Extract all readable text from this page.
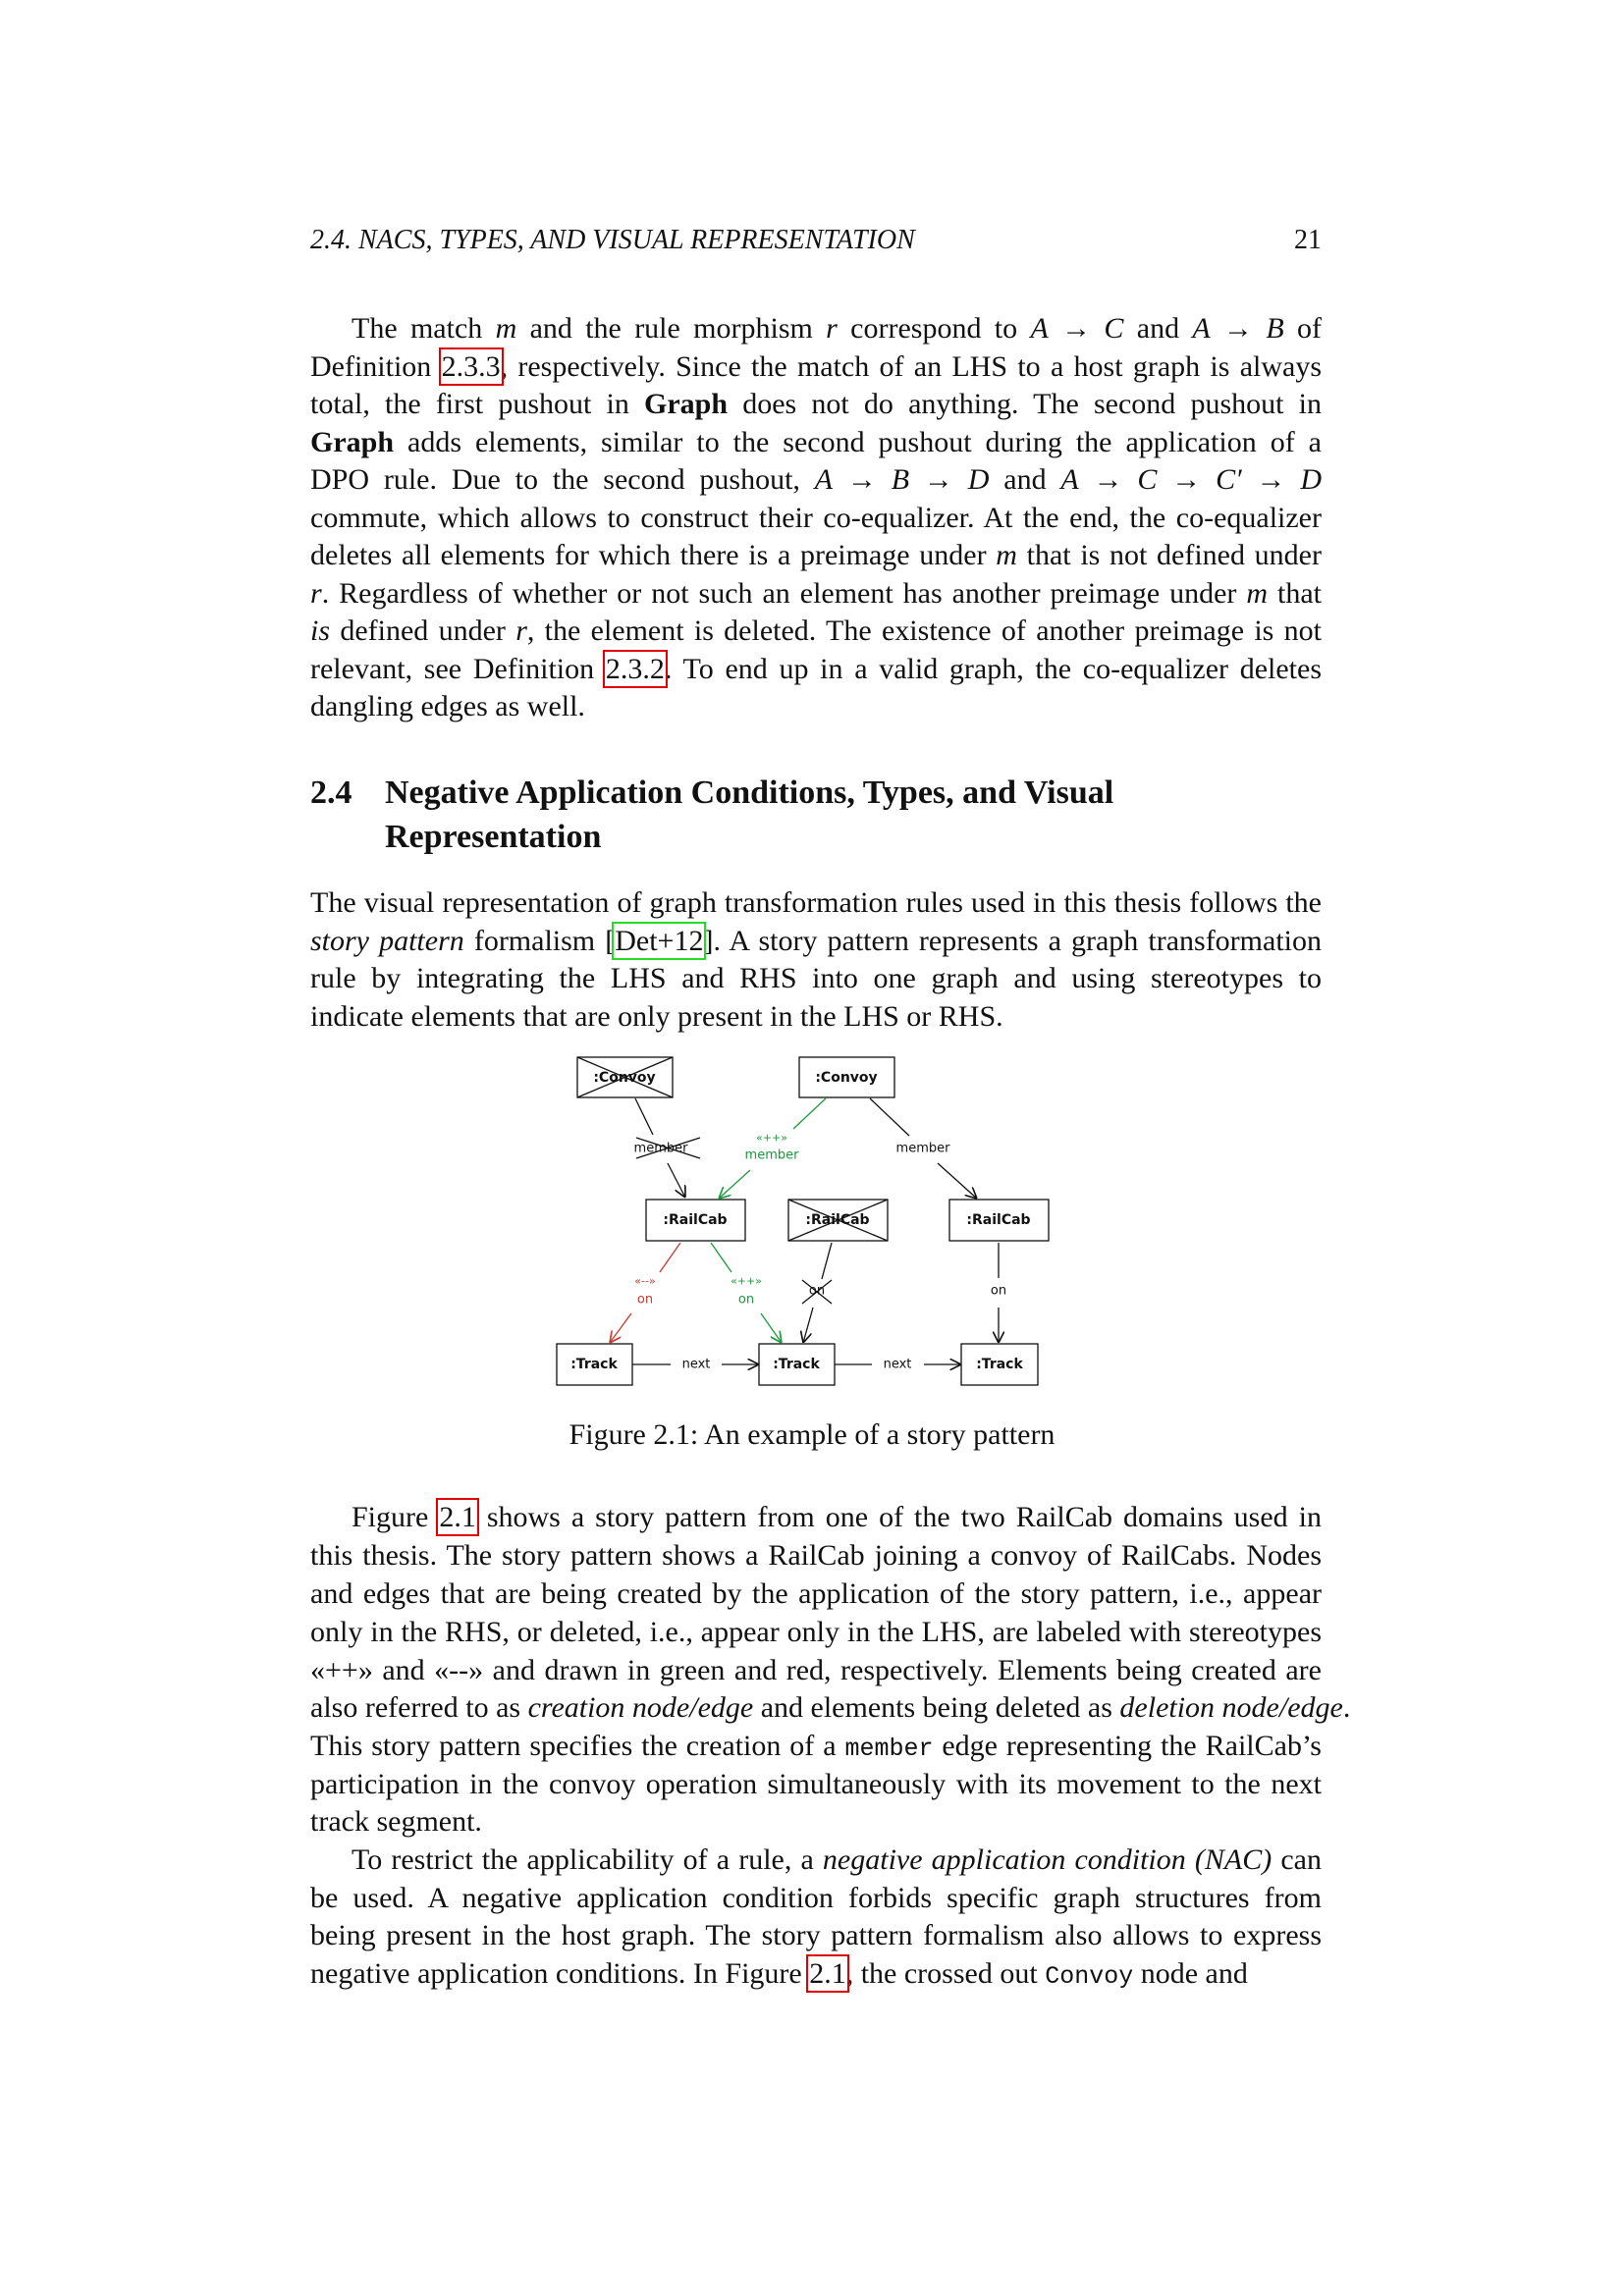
2.4. NACS, TYPES, AND VISUAL REPRESENTATION	21
2.4 Negative Application Conditions, Types, and Visual
Representation
The match m and the rule morphism r correspond to A → C and A → B of
Definition 2.3.3, respectively. Since the match of an LHS to a host graph is always
total, the first pushout in Graph does not do anything. The second pushout in
Graph adds elements, similar to the second pushout during the application of a
DPO rule. Due to the second pushout, A → B → D and A → C → C′ → D
commute, which allows to construct their co-equalizer. At the end, the co-equalizer
deletes all elements for which there is a preimage under m that is not defined under
r. Regardless of whether or not such an element has another preimage under m that
is defined under r, the element is deleted. The existence of another preimage is not
relevant, see Definition 2.3.2. To end up in a valid graph, the co-equalizer deletes
dangling edges as well.
The visual representation of graph transformation rules used in this thesis follows the
story pattern formalism [Det+12]. A story pattern represents a graph transformation
rule by integrating the LHS and RHS into one graph and using stereotypes to
indicate elements that are only present in the LHS or RHS.
Figure 2.1 shows a story pattern from one of the two RailCab domains used in
this thesis. The story pattern shows a RailCab joining a convoy of RailCabs. Nodes
and edges that are being created by the application of the story pattern, i.e., appear
only in the RHS, or deleted, i.e., appear only in the LHS, are labeled with stereotypes
«++» and «--» and drawn in green and red, respectively. Elements being created are
also referred to as creation node/edge and elements being deleted as deletion node/edge.
This story pattern specifies the creation of a member edge representing the RailCab’s
participation in the convoy operation simultaneously with its movement to the next
track segment.
To restrict the applicability of a rule, a negative application condition (NAC) can
be used. A negative application condition forbids specific graph structures from
being present in the host graph. The story pattern formalism also allows to express
negative application conditions. In Figure 2.1, the crossed out Convoy node and
:Convoy	:Convoy
:RailCab	:RailCab	:RailCab
:Track	:Track	:Track
member
«++»
member	member
«--»
on
«++»
on
on	on
next	next
Figure 2.1: An example of a story pattern
